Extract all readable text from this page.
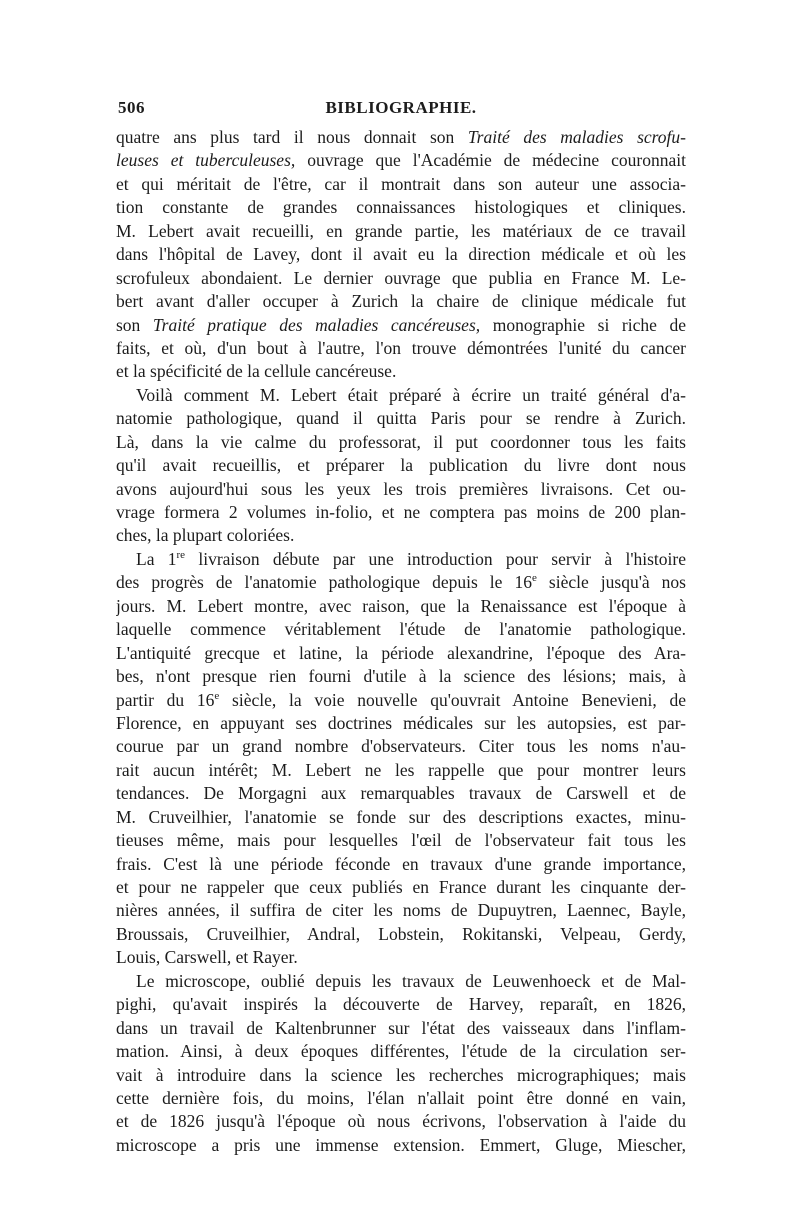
506	BIBLIOGRAPHIE.
quatre ans plus tard il nous donnait son Traité des maladies scrofu-
leuses et tuberculeuses, ouvrage que l'Académie de médecine couronnait
et qui méritait de l'être, car il montrait dans son auteur une associa-
tion constante de grandes connaissances histologiques et cliniques.
M. Lebert avait recueilli, en grande partie, les matériaux de ce travail
dans l'hôpital de Lavey, dont il avait eu la direction médicale et où les
scrofuleux abondaient. Le dernier ouvrage que publia en France M. Le-
bert avant d'aller occuper à Zurich la chaire de clinique médicale fut
son Traité pratique des maladies cancéreuses, monographie si riche de
faits, et où, d'un bout à l'autre, l'on trouve démontrées l'unité du cancer
et la spécificité de la cellule cancéreuse.
Voilà comment M. Lebert était préparé à écrire un traité général d'a-
natomie pathologique, quand il quitta Paris pour se rendre à Zurich.
Là, dans la vie calme du professorat, il put coordonner tous les faits
qu'il avait recueillis, et préparer la publication du livre dont nous
avons aujourd'hui sous les yeux les trois premières livraisons. Cet ou-
vrage formera 2 volumes in-folio, et ne comptera pas moins de 200 plan-
ches, la plupart coloriées.
La 1re livraison débute par une introduction pour servir à l'histoire
des progrès de l'anatomie pathologique depuis le 16e siècle jusqu'à nos
jours. M. Lebert montre, avec raison, que la Renaissance est l'époque à
laquelle commence véritablement l'étude de l'anatomie pathologique.
L'antiquité grecque et latine, la période alexandrine, l'époque des Ara-
bes, n'ont presque rien fourni d'utile à la science des lésions; mais, à
partir du 16e siècle, la voie nouvelle qu'ouvrait Antoine Benevieni, de
Florence, en appuyant ses doctrines médicales sur les autopsies, est par-
courue par un grand nombre d'observateurs. Citer tous les noms n'au-
rait aucun intérêt; M. Lebert ne les rappelle que pour montrer leurs
tendances. De Morgagni aux remarquables travaux de Carswell et de
M. Cruveilhier, l'anatomie se fonde sur des descriptions exactes, minu-
tieuses même, mais pour lesquelles l'œil de l'observateur fait tous les
frais. C'est là une période féconde en travaux d'une grande importance,
et pour ne rappeler que ceux publiés en France durant les cinquante der-
nières années, il suffira de citer les noms de Dupuytren, Laennec, Bayle,
Broussais, Cruveilhier, Andral, Lobstein, Rokitanski, Velpeau, Gerdy,
Louis, Carswell, et Rayer.
Le microscope, oublié depuis les travaux de Leuwenhoeck et de Mal-
pighi, qu'avait inspirés la découverte de Harvey, reparaît, en 1826,
dans un travail de Kaltenbrunner sur l'état des vaisseaux dans l'inflam-
mation. Ainsi, à deux époques différentes, l'étude de la circulation ser-
vait à introduire dans la science les recherches micrographiques; mais
cette dernière fois, du moins, l'élan n'allait point être donné en vain,
et de 1826 jusqu'à l'époque où nous écrivons, l'observation à l'aide du
microscope a pris une immense extension. Emmert, Gluge, Miescher,
